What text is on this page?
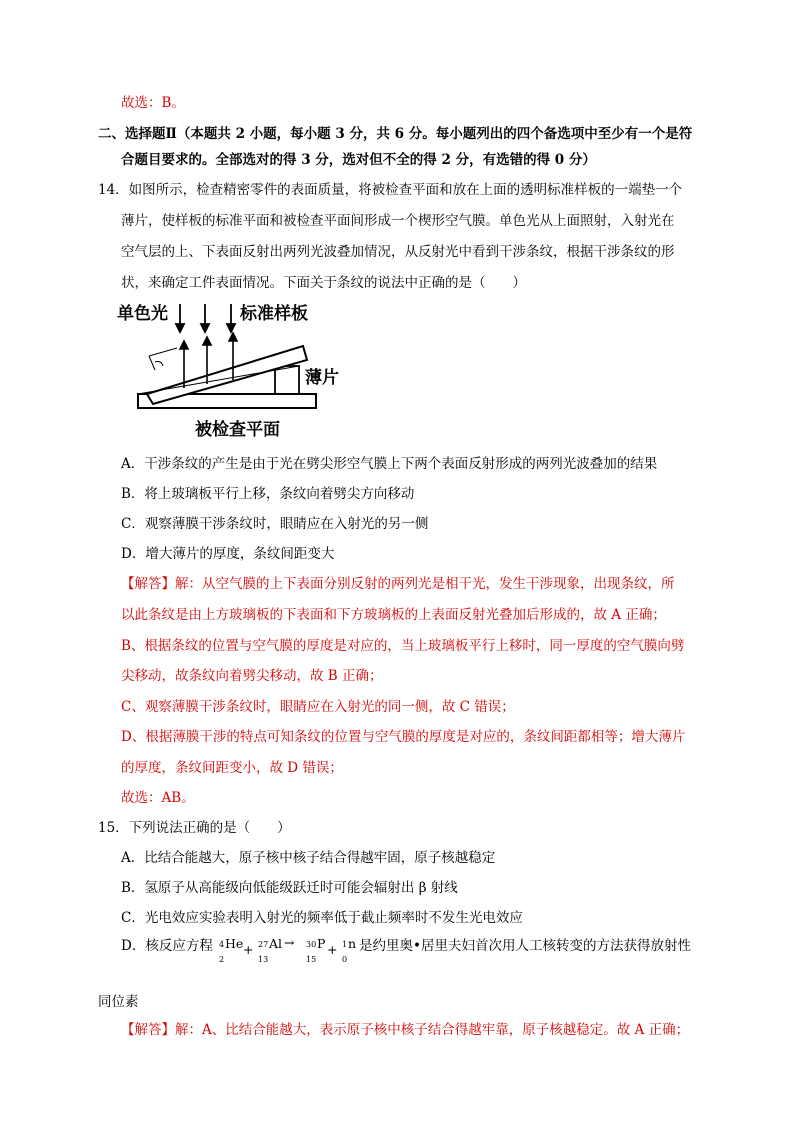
故选：B。
二、选择题Ⅱ（本题共 2 小题，每小题 3 分，共 6 分。每小题列出的四个备选项中至少有一个是符
合题目要求的。全部选对的得 3 分，选对但不全的得 2 分，有选错的得 0 分）
14．如图所示，检查精密零件的表面质量，将被检查平面和放在上面的透明标准样板的一端垫一个
薄片，使样板的标准平面和被检查平面间形成一个楔形空气膜。单色光从上面照射，入射光在
空气层的上、下表面反射出两列光波叠加情况，从反射光中看到干涉条纹，根据干涉条纹的形
状，来确定工件表面情况。下面关于条纹的说法中正确的是（　　）
单色光	标准样板
薄片
被检查平面
A．干涉条纹的产生是由于光在劈尖形空气膜上下两个表面反射形成的两列光波叠加的结果
B．将上玻璃板平行上移，条纹向着劈尖方向移动
C．观察薄膜干涉条纹时，眼睛应在入射光的另一侧
D．增大薄片的厚度，条纹间距变大
【解答】解：从空气膜的上下表面分别反射的两列光是相干光，发生干涉现象，出现条纹，所
以此条纹是由上方玻璃板的下表面和下方玻璃板的上表面反射光叠加后形成的，故 A 正确；
B、根据条纹的位置与空气膜的厚度是对应的，当上玻璃板平行上移时，同一厚度的空气膜向劈
尖移动，故条纹向着劈尖移动，故 B 正确；
C、观察薄膜干涉条纹时，眼睛应在入射光的同一侧，故 C 错误；
D、根据薄膜干涉的特点可知条纹的位置与空气膜的厚度是对应的，条纹间距都相等；增大薄片
的厚度，条纹间距变小，故 D 错误；
故选：AB。
15．下列说法正确的是（　　）
A．比结合能越大，原子核中核子结合得越牢固，原子核越稳定
B．氢原子从高能级向低能级跃迁时可能会辐射出 β 射线
C．光电效应实验表明入射光的频率低于截止频率时不发生光电效应
D．核反应方程 4 He
2
+ 27 Al
13
→ 30 P
15
+ 1 n
0
是约里奥•居里夫妇首次用人工核转变的方法获得放射性
同位素
【解答】解：A、比结合能越大，表示原子核中核子结合得越牢靠，原子核越稳定。故 A 正确；
